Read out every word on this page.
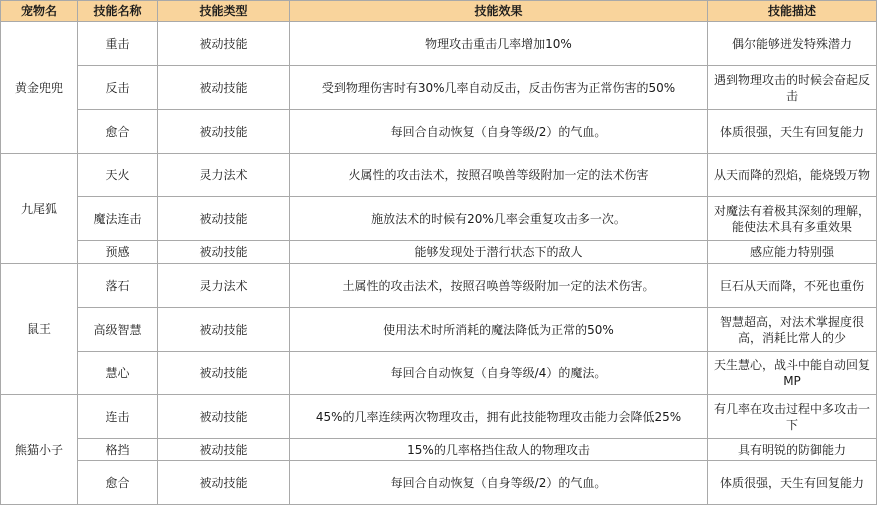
宠物名	技能名称	技能类型	技能效果	技能描述
黄金兜兜	重击	被动技能	物理攻击重击几率增加10%	偶尔能够迸发特殊潜力
	反击	被动技能	受到物理伤害时有30%几率自动反击，反击伤害为正常伤害的50%	遇到物理攻击的时候会奋起反击
	愈合	被动技能	每回合自动恢复（自身等级/2）的气血。	体质很强，天生有回复能力
九尾狐	天火	灵力法术	火属性的攻击法术，按照召唤兽等级附加一定的法术伤害	从天而降的烈焰，能烧毁万物
	魔法连击	被动技能	施放法术的时候有20%几率会重复攻击多一次。	对魔法有着极其深刻的理解，能使法术具有多重效果
	预感	被动技能	能够发现处于潜行状态下的敌人	感应能力特别强
鼠王	落石	灵力法术	土属性的攻击法术，按照召唤兽等级附加一定的法术伤害。	巨石从天而降，不死也重伤
	高级智慧	被动技能	使用法术时所消耗的魔法降低为正常的50%	智慧超高，对法术掌握度很高，消耗比常人的少
	慧心	被动技能	每回合自动恢复（自身等级/4）的魔法。	天生慧心，战斗中能自动回复MP
熊猫小子	连击	被动技能	45%的几率连续两次物理攻击，拥有此技能物理攻击能力会降低25%	有几率在攻击过程中多攻击一下
	格挡	被动技能	15%的几率格挡住敌人的物理攻击	具有明锐的防御能力
	愈合	被动技能	每回合自动恢复（自身等级/2）的气血。	体质很强，天生有回复能力
